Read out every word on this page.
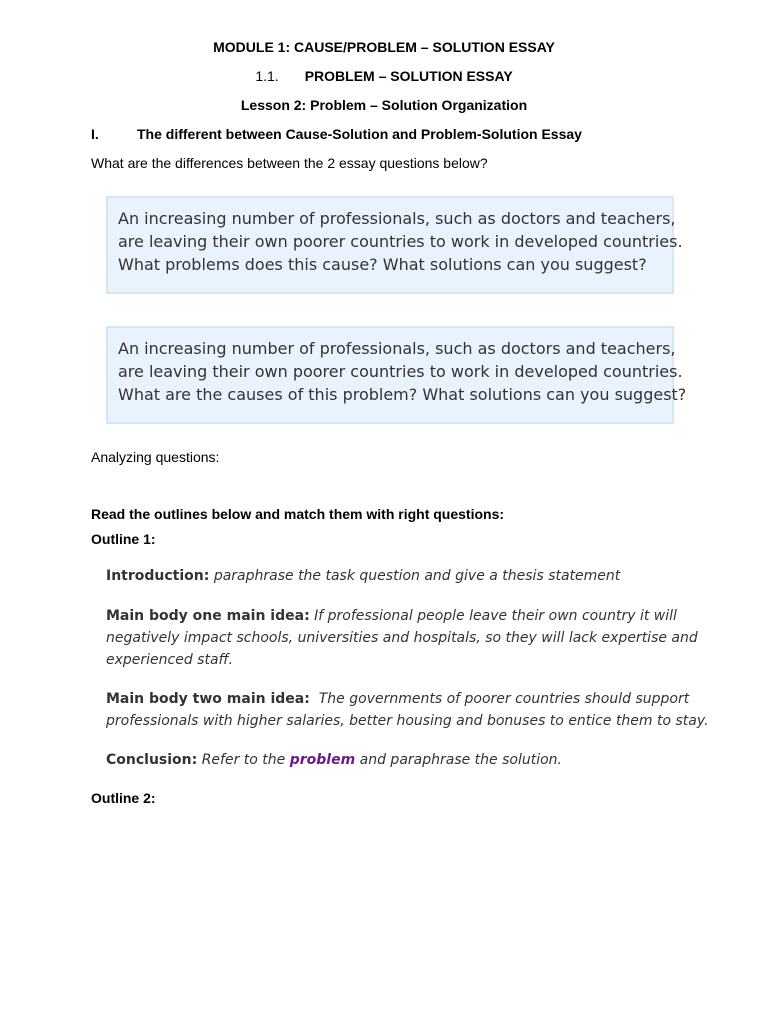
MODULE 1: CAUSE/PROBLEM – SOLUTION ESSAY
1.1. PROBLEM – SOLUTION ESSAY
Lesson 2: Problem – Solution Organization
I.	The different between Cause-Solution and Problem-Solution Essay
What are the differences between the 2 essay questions below?
An increasing number of professionals, such as doctors and teachers,
are leaving their own poorer countries to work in developed countries.
What problems does this cause? What solutions can you suggest?
An increasing number of professionals, such as doctors and teachers,
are leaving their own poorer countries to work in developed countries.
What are the causes of this problem? What solutions can you suggest?
Analyzing questions:
Read the outlines below and match them with right questions:
Outline 1:
Introduction: paraphrase the task question and give a thesis statement
Main body one main idea: If professional people leave their own country it will
negatively impact schools, universities and hospitals, so they will lack expertise and
experienced staff.
Main body two main idea: The governments of poorer countries should support
professionals with higher salaries, better housing and bonuses to entice them to stay.
Conclusion: Refer to the problem and paraphrase the solution.
Outline 2:
